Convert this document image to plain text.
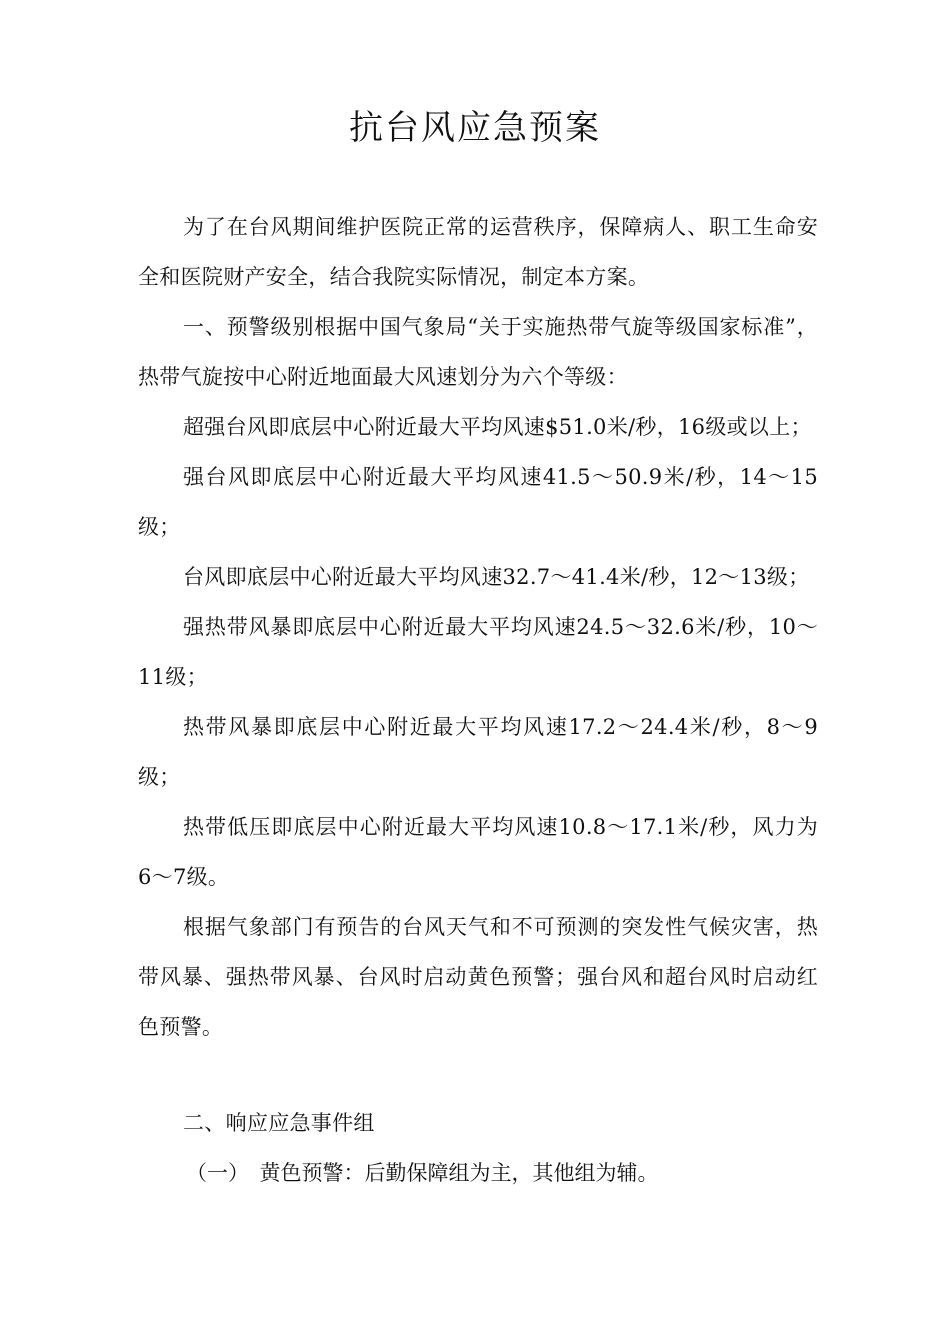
抗台风应急预案

为了在台风期间维护医院正常的运营秩序，保障病人、职工生命安全和医院财产安全，结合我院实际情况，制定本方案。

一、预警级别根据中国气象局“关于实施热带气旋等级国家标准”，热带气旋按中心附近地面最大风速划分为六个等级：

超强台风即底层中心附近最大平均风速$51.0米/秒，16级或以上；

强台风即底层中心附近最大平均风速41.5〜50.9米/秒，14〜15级；

台风即底层中心附近最大平均风速32.7〜41.4米/秒，12〜13级；

强热带风暴即底层中心附近最大平均风速24.5〜32.6米/秒，10〜11级；

热带风暴即底层中心附近最大平均风速17.2〜24.4米/秒，8〜9级；

热带低压即底层中心附近最大平均风速10.8〜17.1米/秒，风力为6〜7级。

根据气象部门有预告的台风天气和不可预测的突发性气候灾害，热带风暴、强热带风暴、台风时启动黄色预警；强台风和超台风时启动红色预警。

二、响应应急事件组

（一）　黄色预警：后勤保障组为主，其他组为辅。
